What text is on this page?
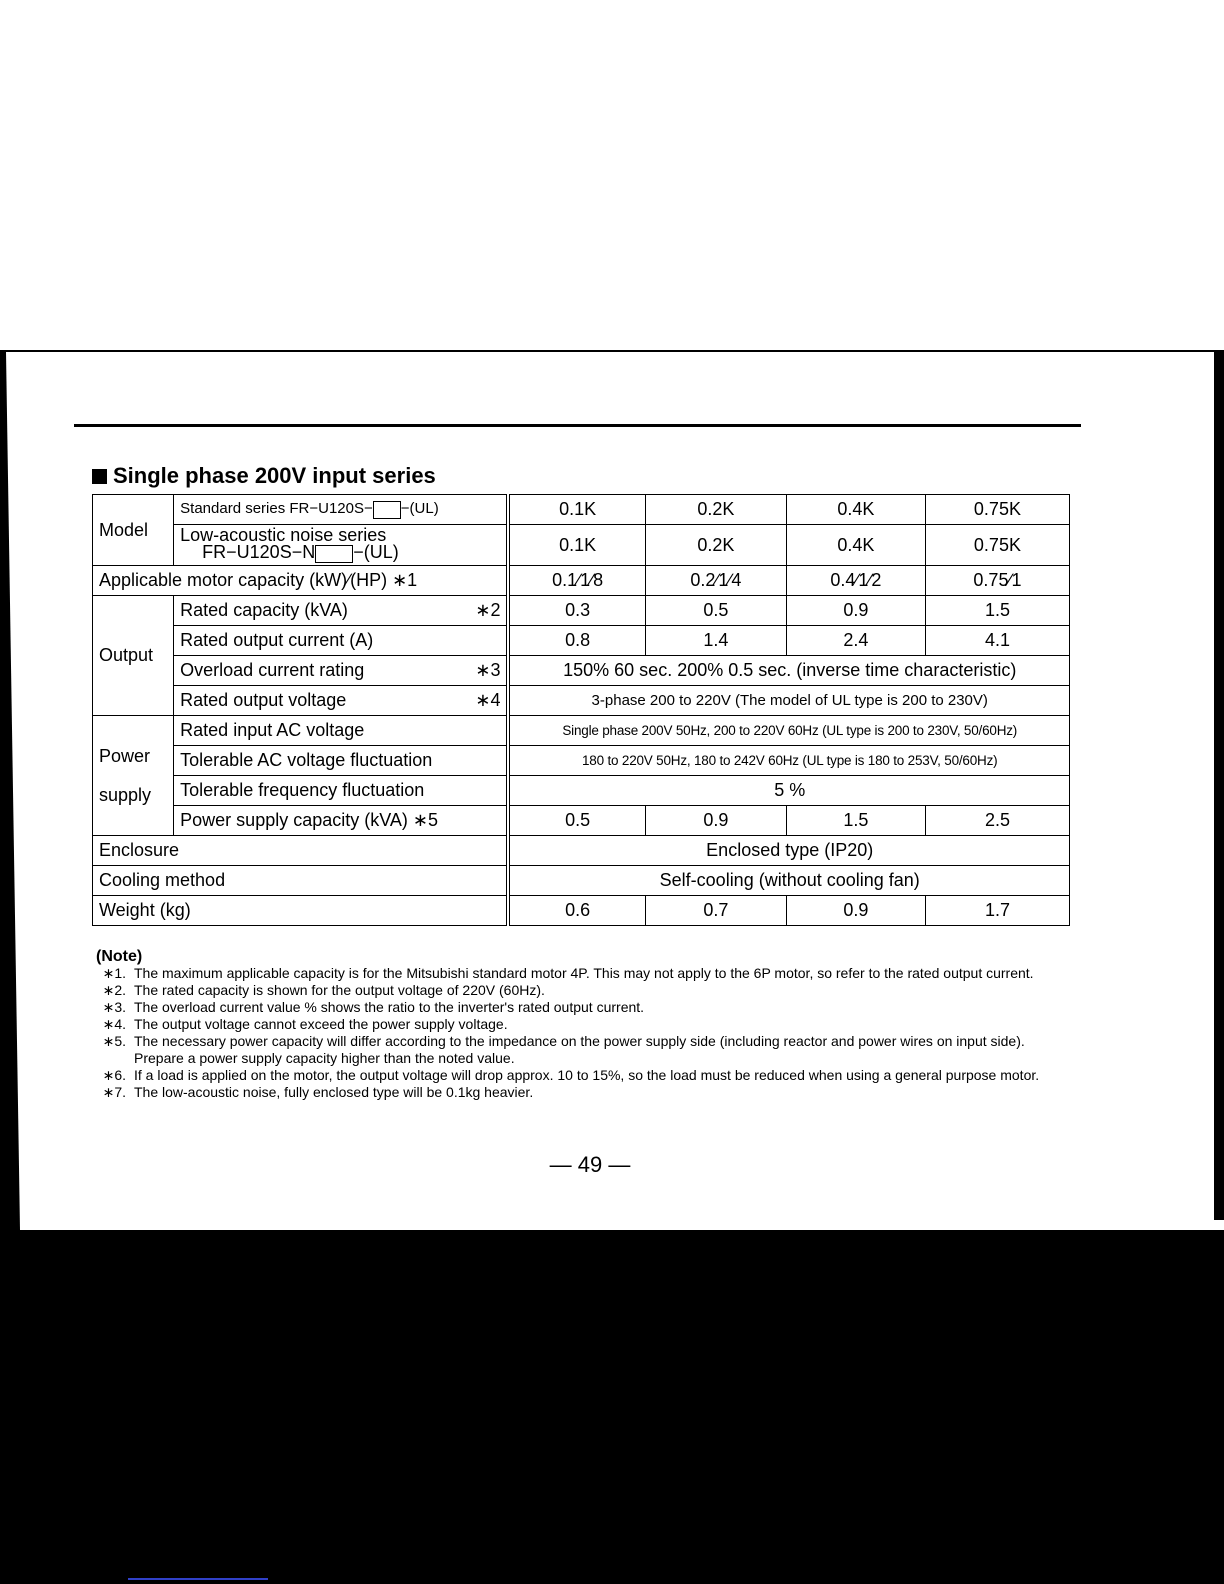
Single phase 200V input series
Model	Standard series FR−U120S− −(UL)	0.1K	0.2K	0.4K	0.75K

	Low-acoustic noise series
FR−U120S−N −(UL)	0.1K	0.2K	0.4K	0.75K
Applicable motor capacity (kW)∕(HP) ∗1		0.1∕1∕8	0.2∕1∕4	0.4∕1∕2	0.75∕1
Output	Rated capacity (kVA) ∗2	0.3	0.5	0.9	1.5
	Rated output current (A)	0.8	1.4	2.4	4.1

	Overload current rating ∗3	150% 60 sec. 200% 0.5 sec. (inverse time characteristic)			

	Rated output voltage ∗4	3-phase 200 to 220V (The model of UL type is 200 to 230V)			

Power
supply	Rated input AC voltage	Single phase 200V 50Hz, 200 to 220V 60Hz (UL type is 200 to 230V, 50/60Hz)			
	Tolerable AC voltage fluctuation	180 to 220V 50Hz, 180 to 242V 60Hz (UL type is 180 to 253V, 50/60Hz)			
	Tolerable frequency fluctuation	5 %			
	Power supply capacity (kVA) ∗5	0.5	0.9	1.5	2.5
Enclosure		Enclosed type (IP20)			
Cooling method		Self-cooling (without cooling fan)			
Weight (kg)		0.6	0.7	0.9	1.7
(Note)
∗1. The maximum applicable capacity is for the Mitsubishi standard motor 4P. This may not apply to the 6P motor, so refer to the rated output current.
∗2. The rated capacity is shown for the output voltage of 220V (60Hz).
∗3. The overload current value % shows the ratio to the inverter's rated output current.
∗4. The output voltage cannot exceed the power supply voltage.
∗5. The necessary power capacity will differ according to the impedance on the power supply side (including reactor and power wires on input side). Prepare a power supply capacity higher than the noted value.
∗6. If a load is applied on the motor, the output voltage will drop approx. 10 to 15%, so the load must be reduced when using a general purpose motor.
∗7. The low-acoustic noise, fully enclosed type will be 0.1kg heavier.
— 49 —
